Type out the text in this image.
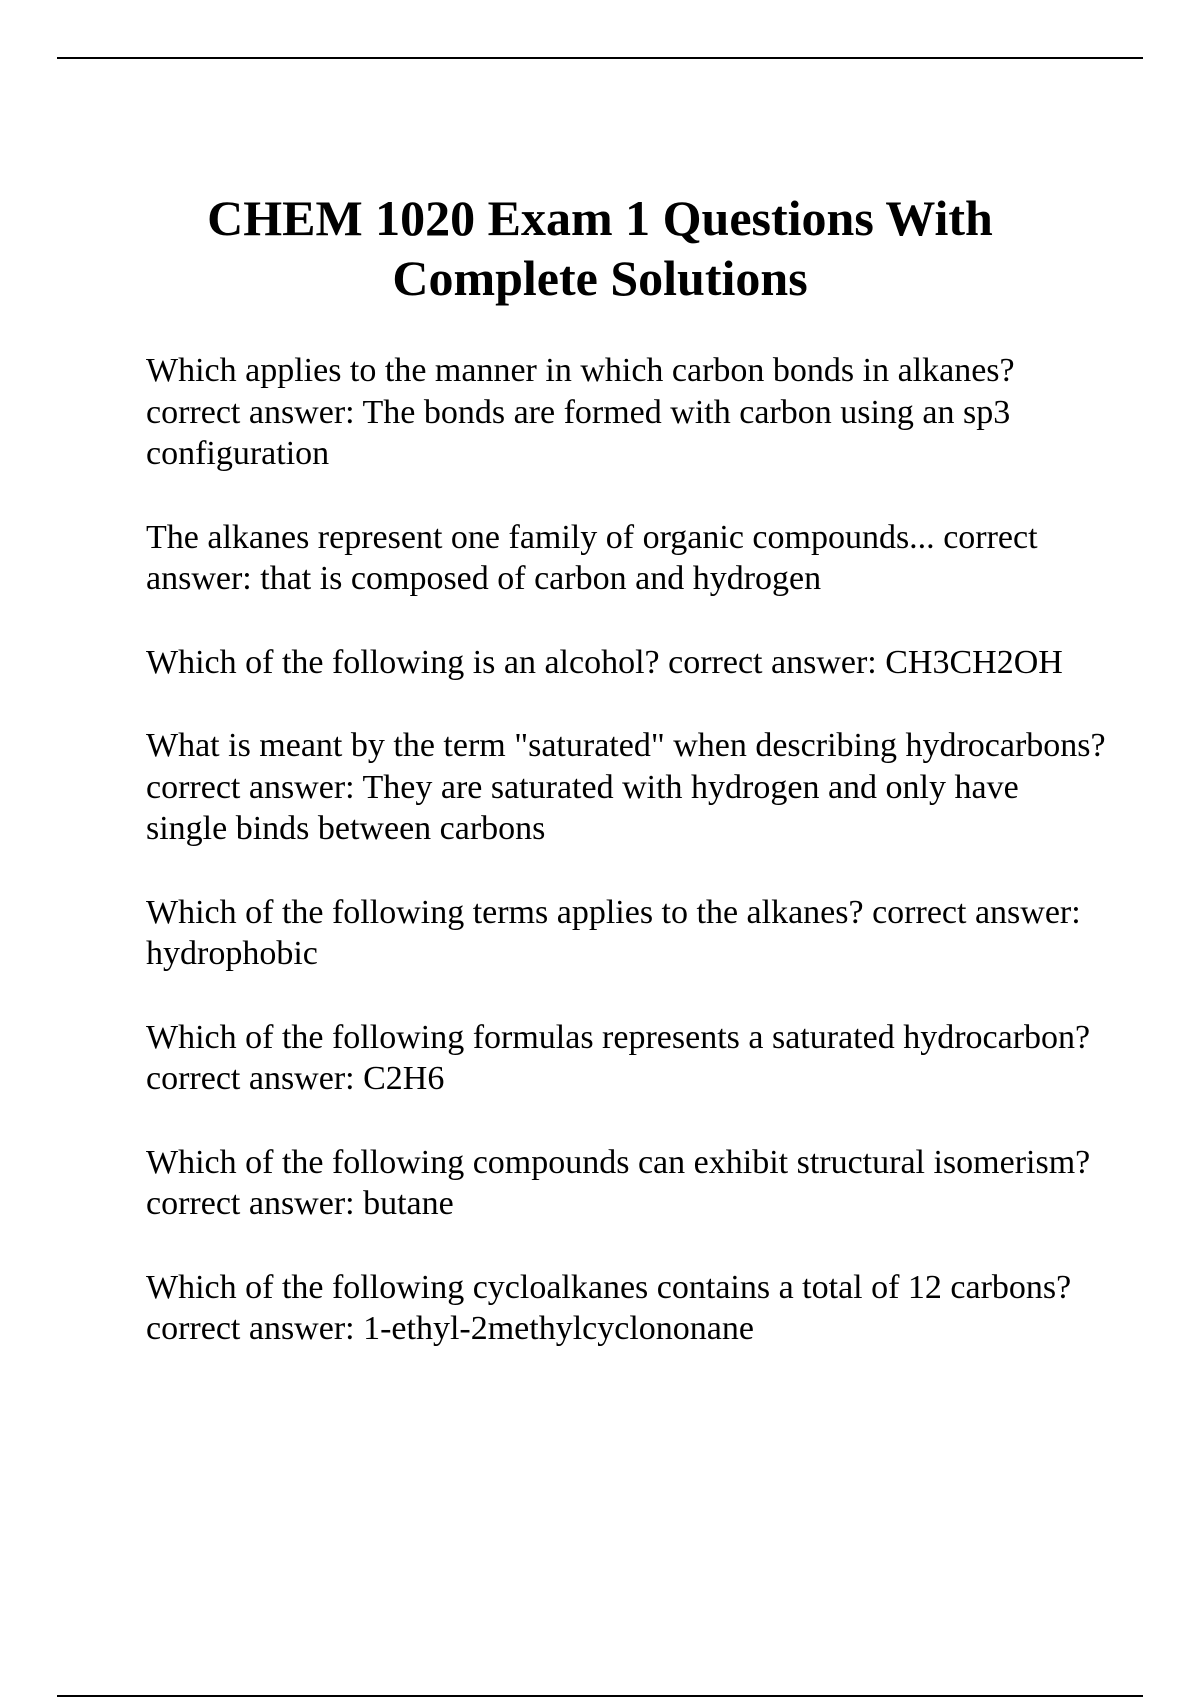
CHEM 1020 Exam 1 Questions With Complete Solutions
Which applies to the manner in which carbon bonds in alkanes? correct answer: The bonds are formed with carbon using an sp3 configuration
The alkanes represent one family of organic compounds... correct answer: that is composed of carbon and hydrogen
Which of the following is an alcohol? correct answer: CH3CH2OH
What is meant by the term "saturated" when describing hydrocarbons? correct answer: They are saturated with hydrogen and only have single binds between carbons
Which of the following terms applies to the alkanes? correct answer: hydrophobic
Which of the following formulas represents a saturated hydrocarbon? correct answer: C2H6
Which of the following compounds can exhibit structural isomerism? correct answer: butane
Which of the following cycloalkanes contains a total of 12 carbons? correct answer: 1-ethyl-2methylcyclononane
